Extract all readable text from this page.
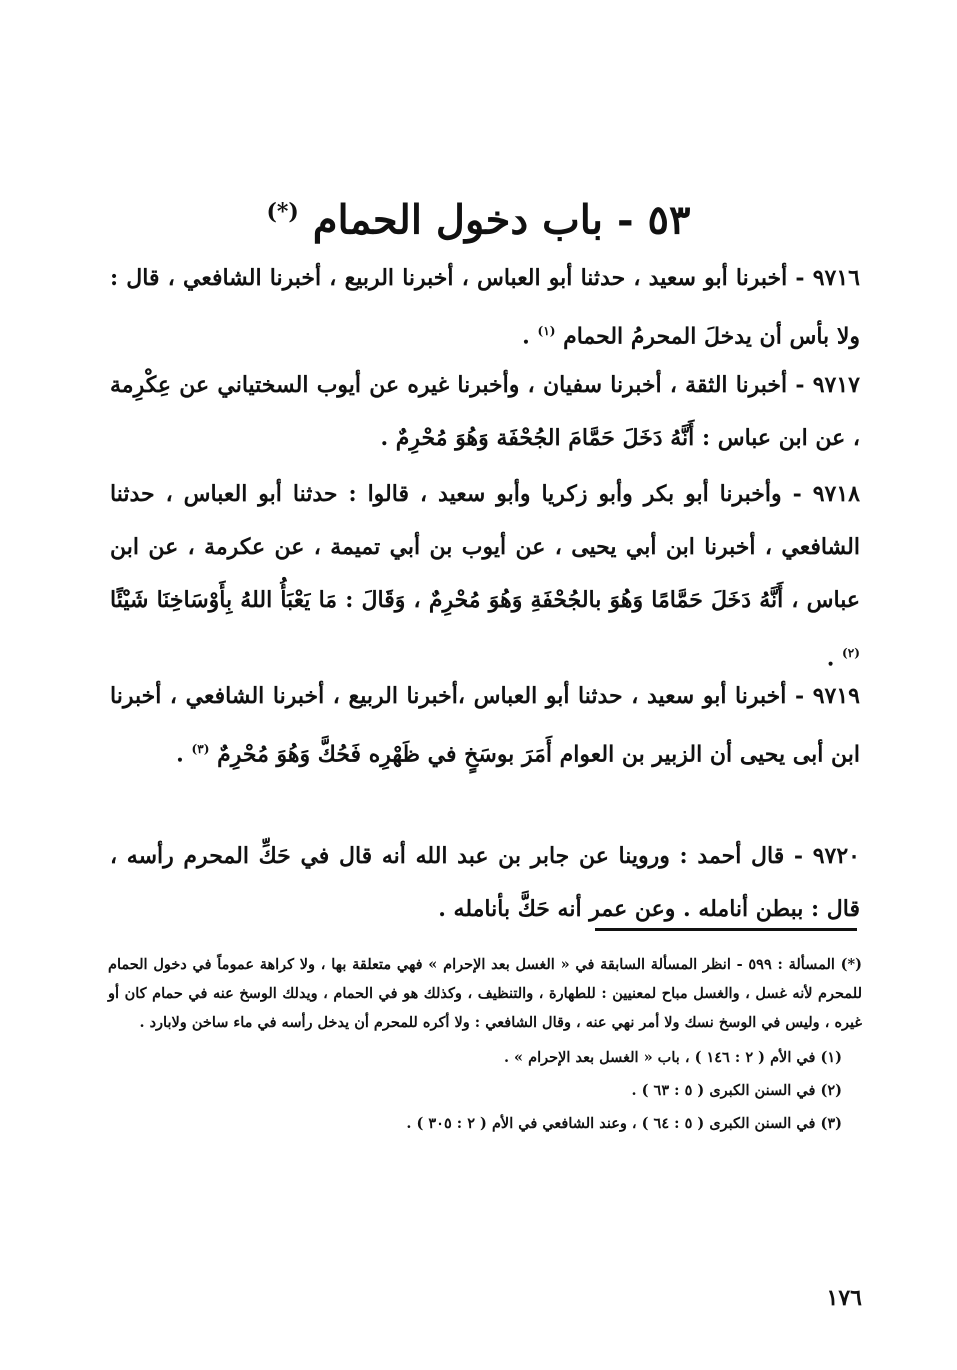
٥٣ - باب دخول الحمام (*)

٩٧١٦ - أخبرنا أبو سعيد ، حدثنا أبو العباس ، أخبرنا الربيع ، أخبرنا الشافعي ، قال : ولا بأس أن يدخلَ المحرمُ الحمام $^{(١)}$ .

٩٧١٧ - أخبرنا الثقة ، أخبرنا سفيان ، وأخبرنا غيره عن أيوب السختياني عن عِكْرِمة ، عن ابن عباس : أَنَّهُ دَخَلَ حَمَّامَ الجُحْفَة وَهُوَ مُحْرِمٌ .

٩٧١٨ - وأخبرنا أبو بكر وأبو زكريا وأبو سعيد ، قالوا : حدثنا أبو العباس ، حدثنا الشافعي ، أخبرنا ابن أبي يحيى ، عن أيوب بن أبي تميمة ، عن عكرمة ، عن ابن عباس ، أَنَّهُ دَخَلَ حَمَّامًا وَهُوَ بالجُحْفَةِ وَهُوَ مُحْرِمٌ ، وَقَالَ : مَا يَعْبَأُ اللهُ بِأَوْسَاخِنَا شَيْئًا $^{(٢)}$ .

٩٧١٩ - أخبرنا أبو سعيد ، حدثنا أبو العباس ،أخبرنا الربيع ، أخبرنا الشافعي ، أخبرنا ابن أبى يحيى أن الزبير بن العوام أَمَرَ بوسَخٍ في ظَهْرِه فَحُكَّ وَهُوَ مُحْرِمٌ $^{(٣)}$ .

٩٧٢٠ - قال أحمد : وروينا عن جابر بن عبد الله أنه قال في حَكِّ المحرم رأسه ، قال : ببطن أنامله . وعن عمر أنه حَكَّ بأنامله .

(*) المسألة : ٥٩٩ - انظر المسألة السابقة في « الغسل بعد الإحرام » فهي متعلقة بها ، ولا كراهة عموماً في دخول الحمام للمحرم لأنه غسل ، والغسل مباح لمعنيين : للطهارة ، والتنظيف ، وكذلك هو في الحمام ، ويدلك الوسخ عنه في حمام كان أو غيره ، وليس في الوسخ نسك ولا أمر نهي عنه ، وقال الشافعي : ولا أكره للمحرم أن يدخل رأسه في ماء ساخن ولابارد .

(١) في الأم ( ٢ : ١٤٦ ) ، باب « الغسل بعد الإحرام » .

(٢) في السنن الكبرى ( ٥ : ٦٣ ) .

(٣) في السنن الكبرى ( ٥ : ٦٤ ) ، وعند الشافعي في الأم ( ٢ : ٣٠٥ ) .

١٧٦
